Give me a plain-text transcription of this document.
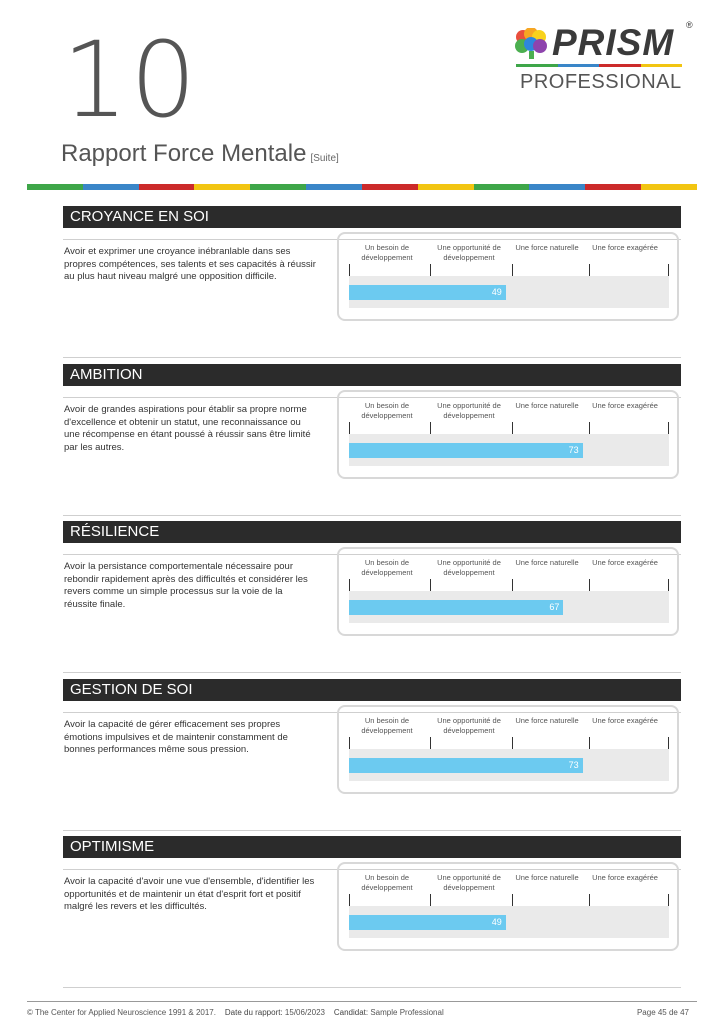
10
Rapport Force Mentale [Suite]
PRISM ®
PROFESSIONAL
CROYANCE EN SOI
Avoir et exprimer une croyance inébranlable dans ses propres compétences, ses talents et ses capacités à réussir au plus haut niveau malgré une opposition difficile.
Un besoin de développement
Une opportunité de développement
Une force naturelle	Une force exagérée
49
AMBITION
Avoir de grandes aspirations pour établir sa propre norme d'excellence et obtenir un statut, une reconnaissance ou une récompense en étant poussé à réussir sans être limité par les autres.
Un besoin de développement
Une opportunité de développement
Une force naturelle	Une force exagérée
73
RÉSILIENCE
Avoir la persistance comportementale nécessaire pour rebondir rapidement après des difficultés et considérer les revers comme un simple processus sur la voie de la réussite finale.
Un besoin de développement
Une opportunité de développement
Une force naturelle	Une force exagérée
67
GESTION DE SOI
Avoir la capacité de gérer efficacement ses propres émotions impulsives et de maintenir constamment de bonnes performances même sous pression.
Un besoin de développement
Une opportunité de développement
Une force naturelle	Une force exagérée
73
OPTIMISME
Avoir la capacité d'avoir une vue d'ensemble, d'identifier les opportunités et de maintenir un état d'esprit fort et positif malgré les revers et les difficultés.
Un besoin de développement
Une opportunité de développement
Une force naturelle	Une force exagérée
49
© The Center for Applied Neuroscience 1991 & 2017. Date du rapport: 15/06/2023 Candidat: Sample Professional	Page 45 de 47
